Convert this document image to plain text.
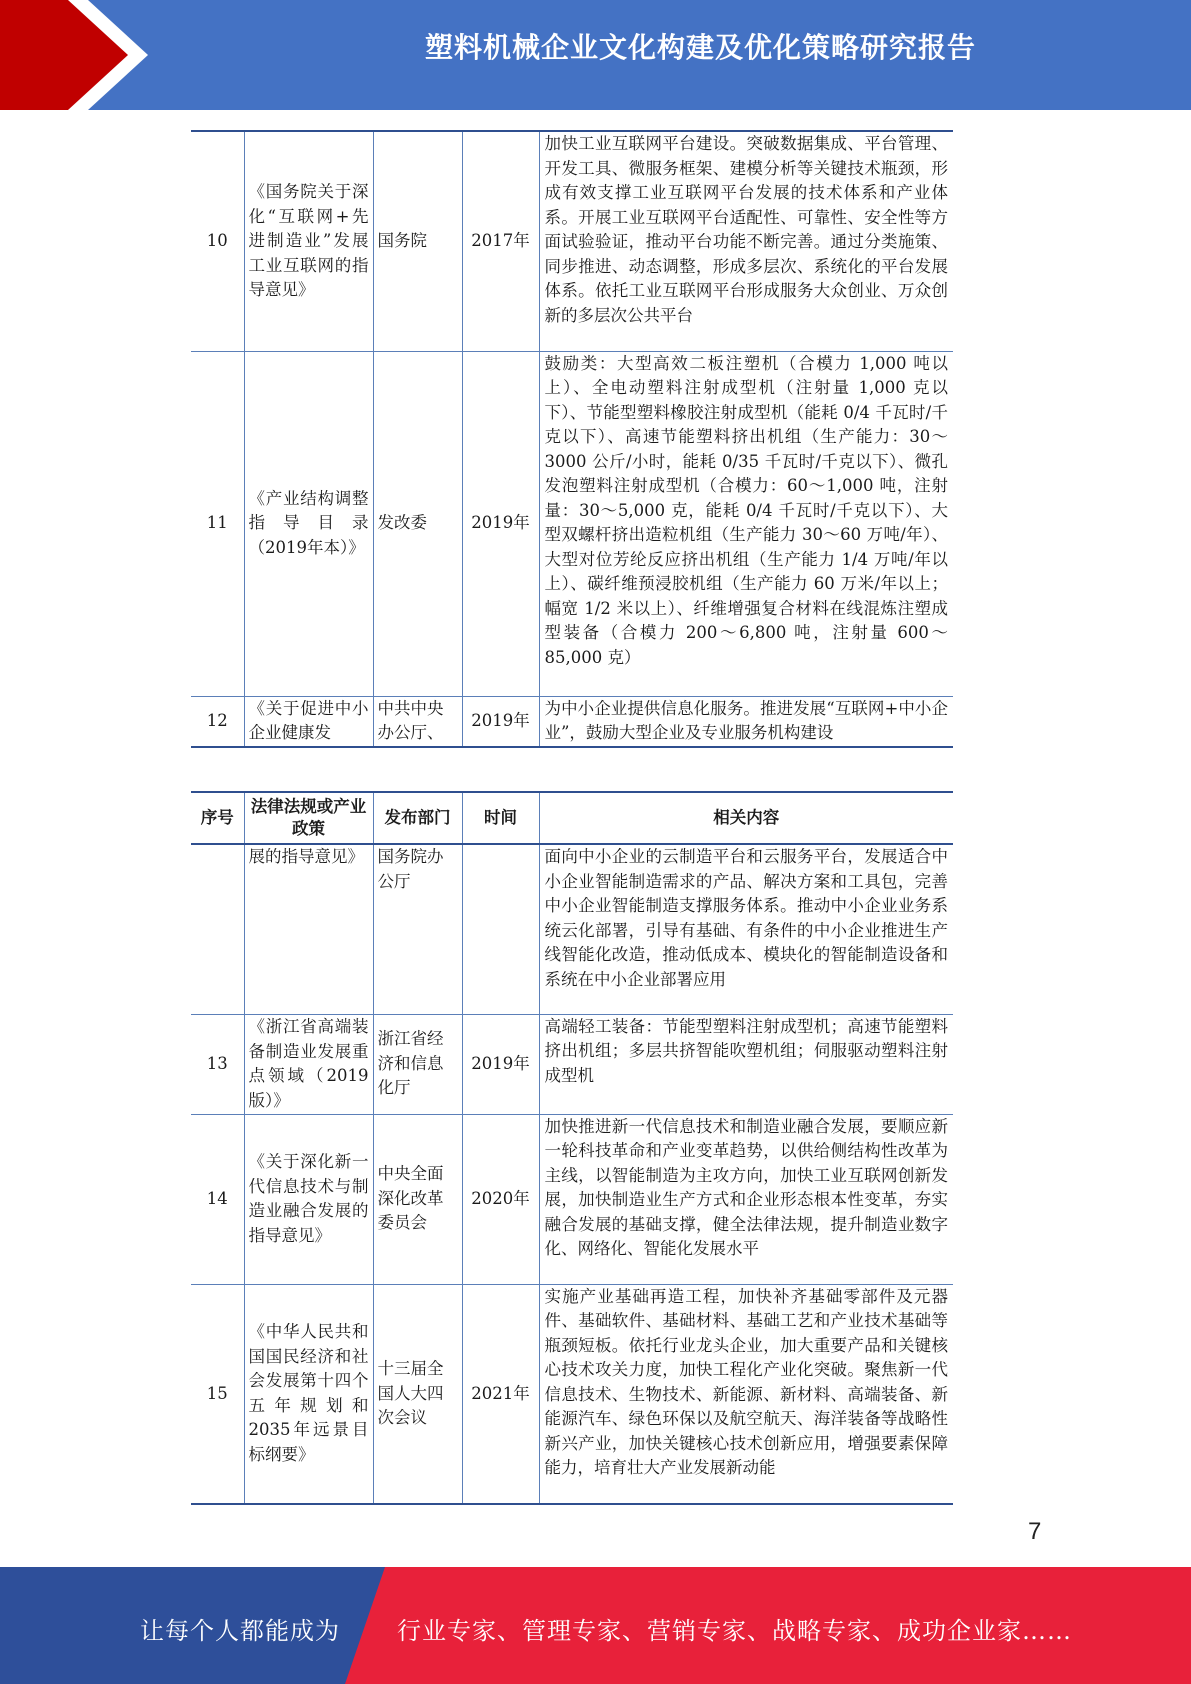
塑料机械企业文化构建及优化策略研究报告
10	《国务院关于深化“互联网+先进制造业”发展工业互联网的指导意见》	国务院	2017年	加快工业互联网平台建设。突破数据集成、平台管理、开发工具、微服务框架、建模分析等关键技术瓶颈，形成有效支撑工业互联网平台发展的技术体系和产业体系。开展工业互联网平台适配性、可靠性、安全性等方面试验验证，推动平台功能不断完善。通过分类施策、同步推进、动态调整，形成多层次、系统化的平台发展体系。依托工业互联网平台形成服务大众创业、万众创新的多层次公共平台
11	《产业结构调整指导目录（2019年本）》	发改委	2019年	鼓励类：大型高效二板注塑机（合模力 1,000 吨以上）、全电动塑料注射成型机（注射量 1,000 克以下）、节能型塑料橡胶注射成型机（能耗 0/4 千瓦时/千克以下）、高速节能塑料挤出机组（生产能力：30～3000 公斤/小时，能耗 0/35 千瓦时/千克以下）、微孔发泡塑料注射成型机（合模力：60～1,000 吨，注射量：30～5,000 克，能耗 0/4 千瓦时/千克以下）、大型双螺杆挤出造粒机组（生产能力 30～60 万吨/年）、大型对位芳纶反应挤出机组（生产能力 1/4 万吨/年以上）、碳纤维预浸胶机组（生产能力 60 万米/年以上；幅宽 1/2 米以上）、纤维增强复合材料在线混炼注塑成型装备（合模力 200～6,800 吨，注射量 600～85,000 克）
12	《关于促进中小企业健康发	中共中央办公厅、	2019年	为中小企业提供信息化服务。推进发展“互联网+中小企业”，鼓励大型企业及专业服务机构建设
序号	法律法规或产业政策	发布部门	时间	相关内容
	展的指导意见》	国务院办公厅		面向中小企业的云制造平台和云服务平台，发展适合中小企业智能制造需求的产品、解决方案和工具包，完善中小企业智能制造支撑服务体系。推动中小企业业务系统云化部署，引导有基础、有条件的中小企业推进生产线智能化改造，推动低成本、模块化的智能制造设备和系统在中小企业部署应用
13	《浙江省高端装备制造业发展重点领域（2019版）》	浙江省经济和信息化厅	2019年	高端轻工装备：节能型塑料注射成型机；高速节能塑料挤出机组；多层共挤智能吹塑机组；伺服驱动塑料注射成型机
14	《关于深化新一代信息技术与制造业融合发展的指导意见》	中央全面深化改革委员会	2020年	加快推进新一代信息技术和制造业融合发展，要顺应新一轮科技革命和产业变革趋势，以供给侧结构性改革为主线，以智能制造为主攻方向，加快工业互联网创新发展，加快制造业生产方式和企业形态根本性变革，夯实融合发展的基础支撑，健全法律法规，提升制造业数字化、网络化、智能化发展水平
15	《中华人民共和国国民经济和社会发展第十四个五年规划和2035年远景目标纲要》	十三届全国人大四次会议	2021年	实施产业基础再造工程，加快补齐基础零部件及元器件、基础软件、基础材料、基础工艺和产业技术基础等瓶颈短板。依托行业龙头企业，加大重要产品和关键核心技术攻关力度，加快工程化产业化突破。聚焦新一代信息技术、生物技术、新能源、新材料、高端装备、新能源汽车、绿色环保以及航空航天、海洋装备等战略性新兴产业，加快关键核心技术创新应用，增强要素保障能力，培育壮大产业发展新动能
7
让每个人都能成为 行业专家、管理专家、营销专家、战略专家、成功企业家……
